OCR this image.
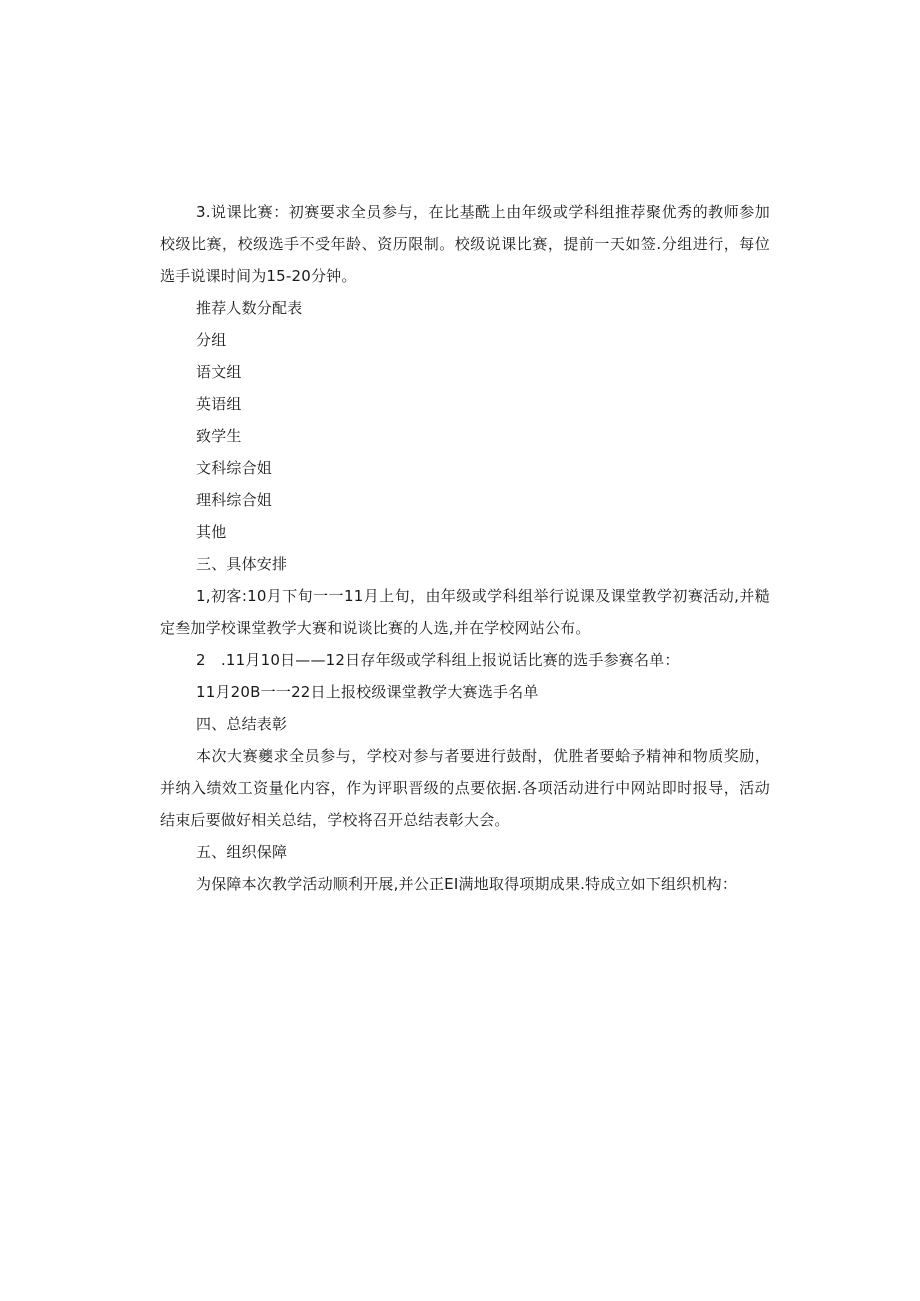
3.说课比赛：初赛要求全员参与，在比基酰上由年级或学科组推荐聚优秀的教师参加校级比赛，校级选手不受年龄、资历限制。校级说课比赛，提前一天如签.分组进行，每位选手说课时间为15-20分钟。

推荐人数分配表

分组

语文组

英语组

致学生

文科综合姐

理科综合姐

其他

三、具体安排

1,初客:10月下旬一一11月上旬，由年级或学科组举行说课及课堂教学初赛活动,并糙定叁加学校课堂教学大赛和说谈比赛的人选,并在学校网站公布。

2　.11月10日——12日存年级或学科组上报说话比赛的选手参赛名单：

11月20B一一22日上报校级课堂教学大赛选手名单

四、总结表彰

本次大赛夔求全员参与，学校对参与者要进行鼓酎，优胜者要蛤予精神和物质奖励，并纳入绩效工资量化内容，作为评职晋级的点要依据.各项活动进行中网站即时报导，活动结束后要做好相关总结，学校将召开总结表彰大会。

五、组织保障

为保障本次教学活动顺利开展,并公正EI满地取得项期成果.特成立如下组织机构：
